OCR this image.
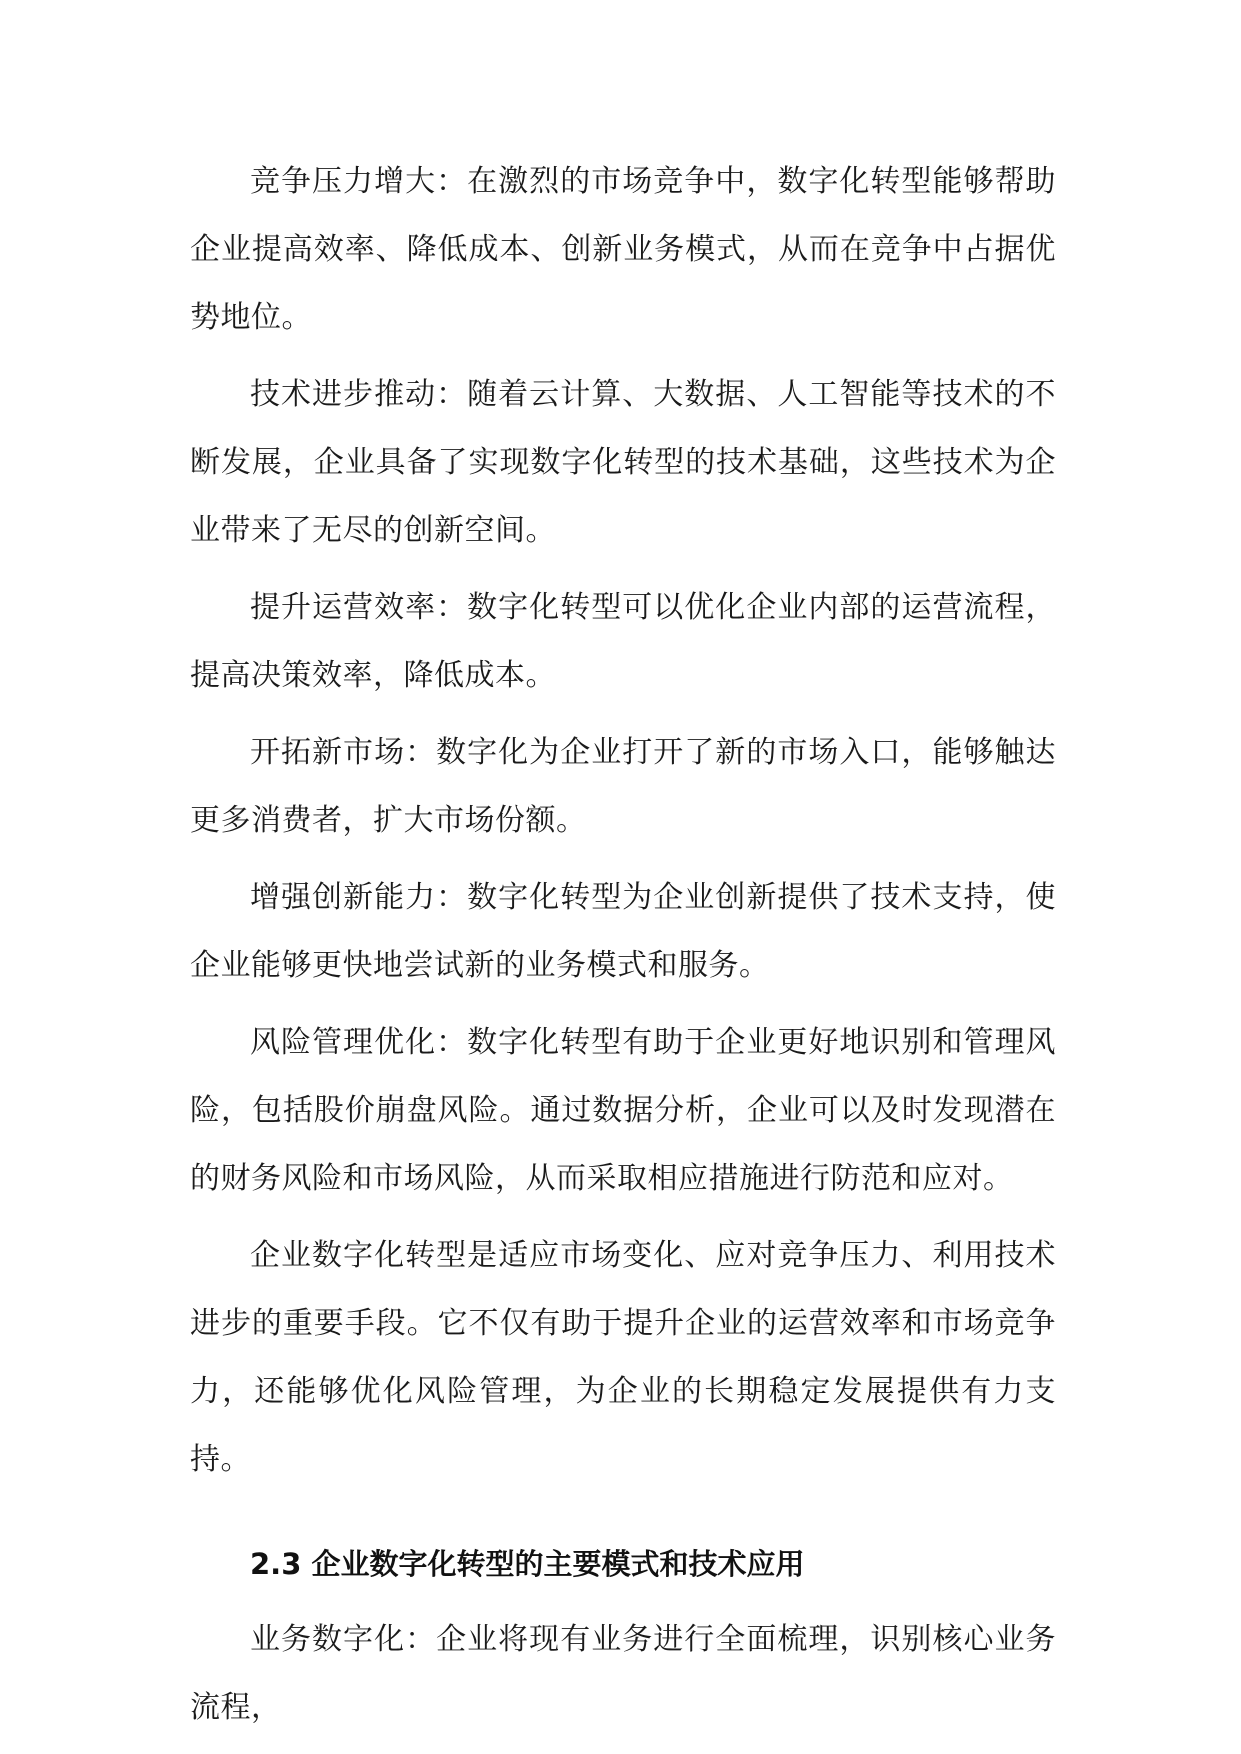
竞争压力增大：在激烈的市场竞争中，数字化转型能够帮助企业提高效率、降低成本、创新业务模式，从而在竞争中占据优势地位。

技术进步推动：随着云计算、大数据、人工智能等技术的不断发展，企业具备了实现数字化转型的技术基础，这些技术为企业带来了无尽的创新空间。

提升运营效率：数字化转型可以优化企业内部的运营流程，提高决策效率，降低成本。

开拓新市场：数字化为企业打开了新的市场入口，能够触达更多消费者，扩大市场份额。

增强创新能力：数字化转型为企业创新提供了技术支持，使企业能够更快地尝试新的业务模式和服务。

风险管理优化：数字化转型有助于企业更好地识别和管理风险，包括股价崩盘风险。通过数据分析，企业可以及时发现潜在的财务风险和市场风险，从而采取相应措施进行防范和应对。

企业数字化转型是适应市场变化、应对竞争压力、利用技术进步的重要手段。它不仅有助于提升企业的运营效率和市场竞争力，还能够优化风险管理，为企业的长期稳定发展提供有力支持。

2.3 企业数字化转型的主要模式和技术应用

业务数字化：企业将现有业务进行全面梳理，识别核心业务流程，
